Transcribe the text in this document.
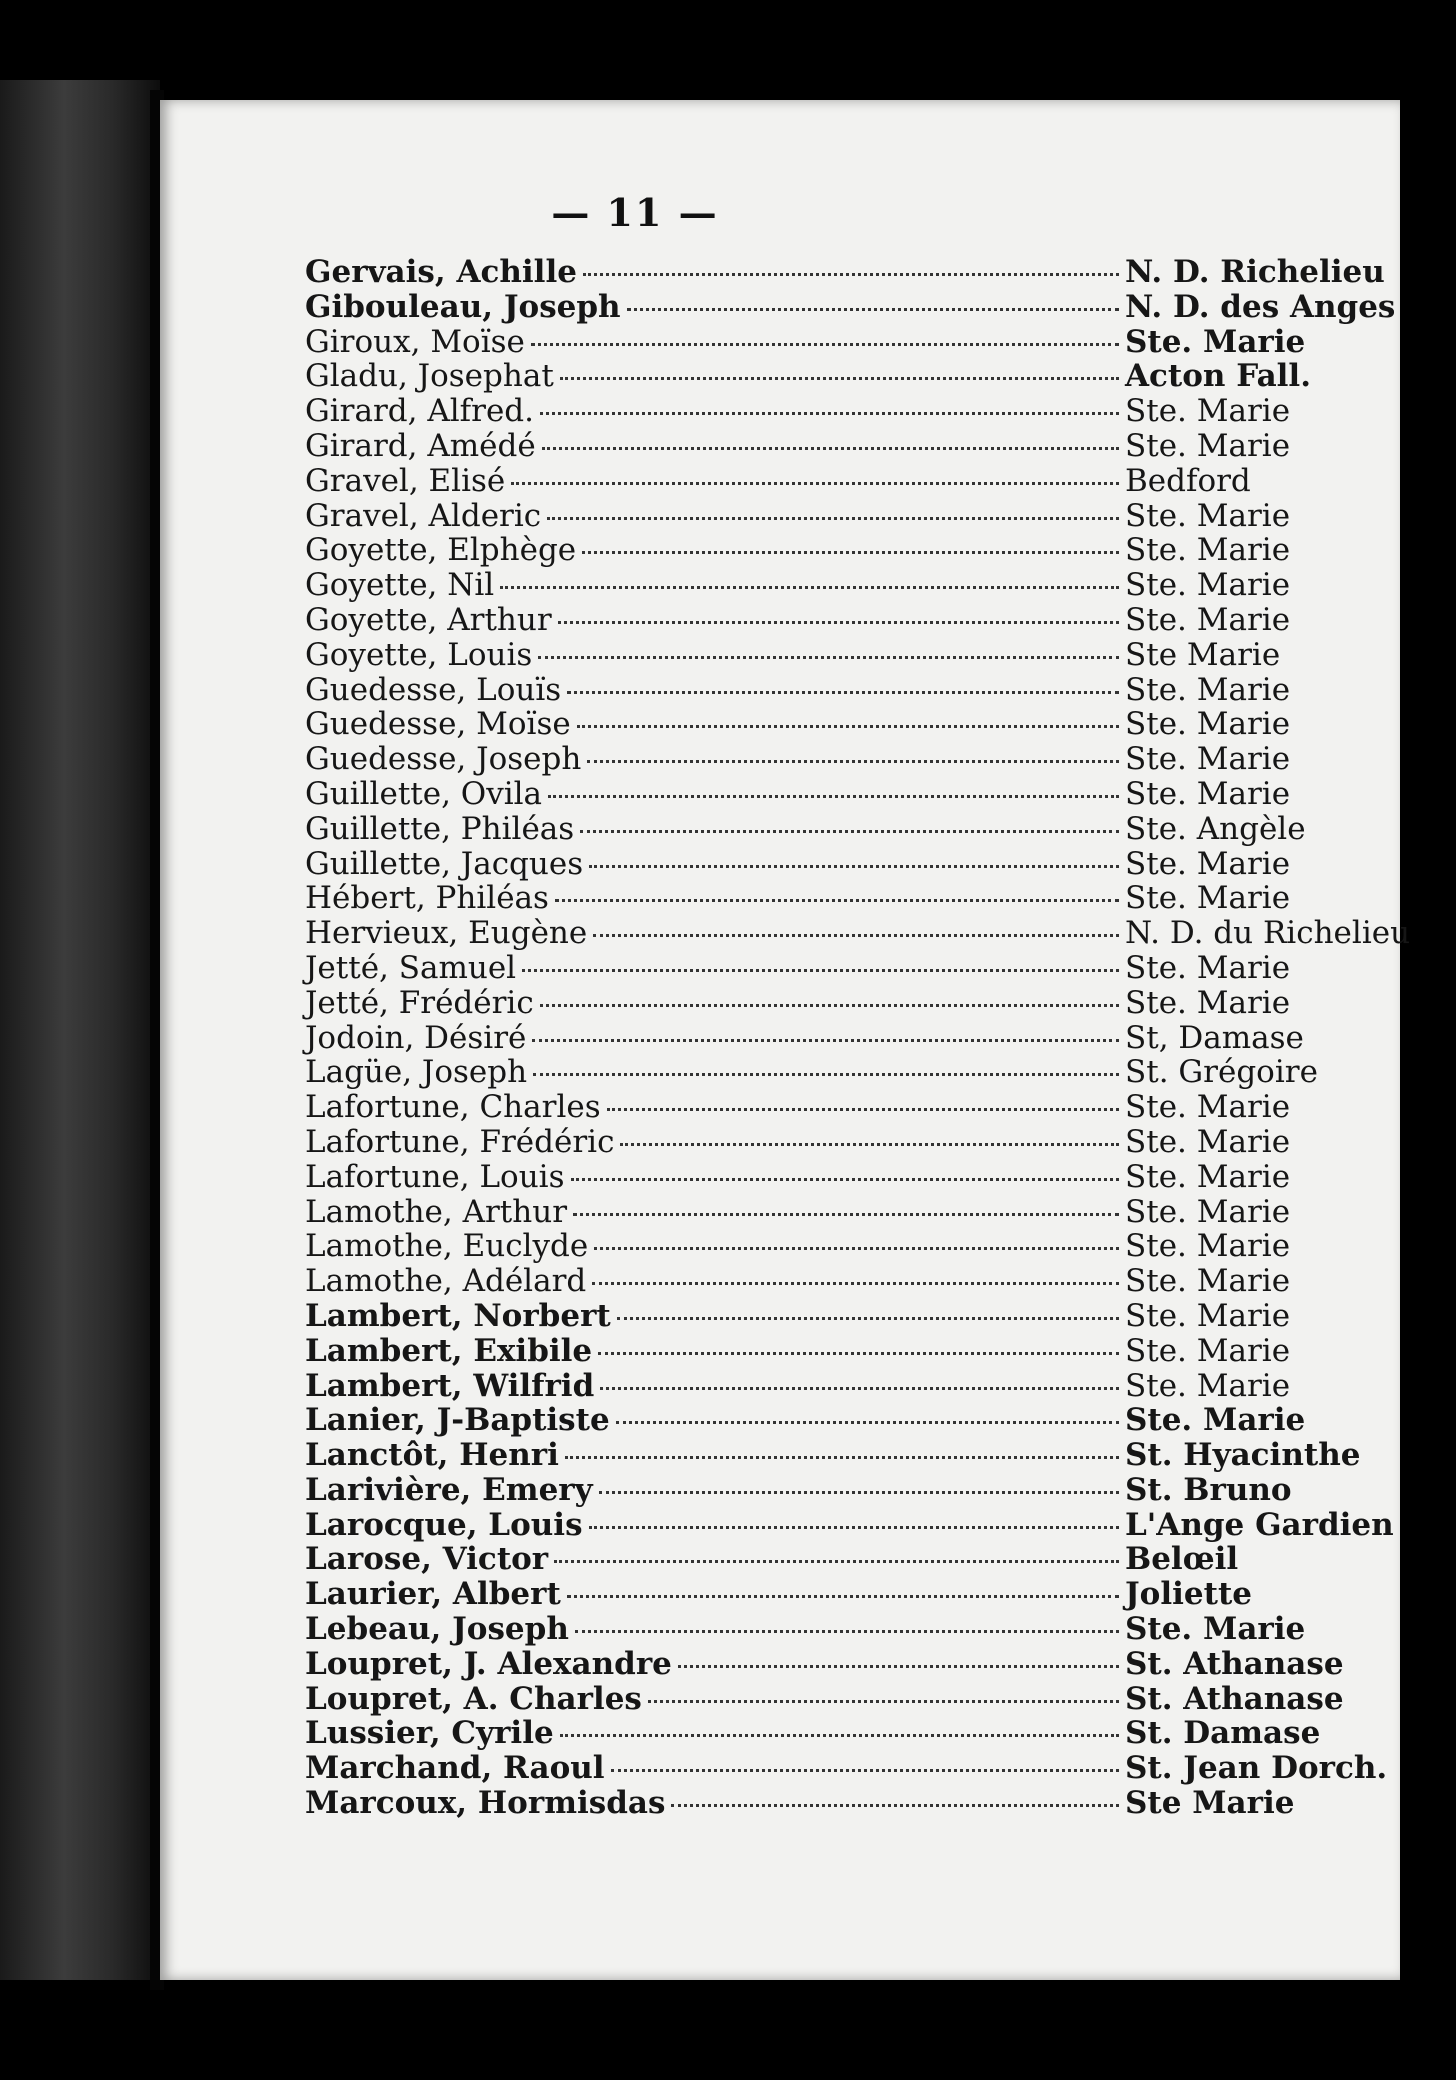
— 11 —
Gervais, Achille	N. D. Richelieu
Gibouleau, Joseph	N. D. des Anges
Giroux, Moïse	Ste. Marie
Gladu, Josephat	Acton Fall.
Girard, Alfred.	Ste. Marie
Girard, Amédé	Ste. Marie
Gravel, Elisé	Bedford
Gravel, Alderic	Ste. Marie
Goyette, Elphège	Ste. Marie
Goyette, Nil	Ste. Marie
Goyette, Arthur	Ste. Marie
Goyette, Louis	Ste Marie
Guedesse, Louïs	Ste. Marie
Guedesse, Moïse	Ste. Marie
Guedesse, Joseph	Ste. Marie
Guillette, Ovila	Ste. Marie
Guillette, Philéas	Ste. Angèle
Guillette, Jacques	Ste. Marie
Hébert, Philéas	Ste. Marie
Hervieux, Eugène	N. D. du Richelieu
Jetté, Samuel	Ste. Marie
Jetté, Frédéric	Ste. Marie
Jodoin, Désiré	St, Damase
Lagüe, Joseph	St. Grégoire
Lafortune, Charles	Ste. Marie
Lafortune, Frédéric	Ste. Marie
Lafortune, Louis	Ste. Marie
Lamothe, Arthur	Ste. Marie
Lamothe, Euclyde	Ste. Marie
Lamothe, Adélard	Ste. Marie
Lambert, Norbert	Ste. Marie
Lambert, Exibile	Ste. Marie
Lambert, Wilfrid	Ste. Marie
Lanier, J-Baptiste	Ste. Marie
Lanctôt, Henri	St. Hyacinthe
Larivière, Emery	St. Bruno
Larocque, Louis	L'Ange Gardien
Larose, Victor	Belœil
Laurier, Albert	Joliette
Lebeau, Joseph	Ste. Marie
Loupret, J. Alexandre	St. Athanase
Loupret, A. Charles	St. Athanase
Lussier, Cyrile	St. Damase
Marchand, Raoul	St. Jean Dorch.
Marcoux, Hormisdas	Ste Marie
